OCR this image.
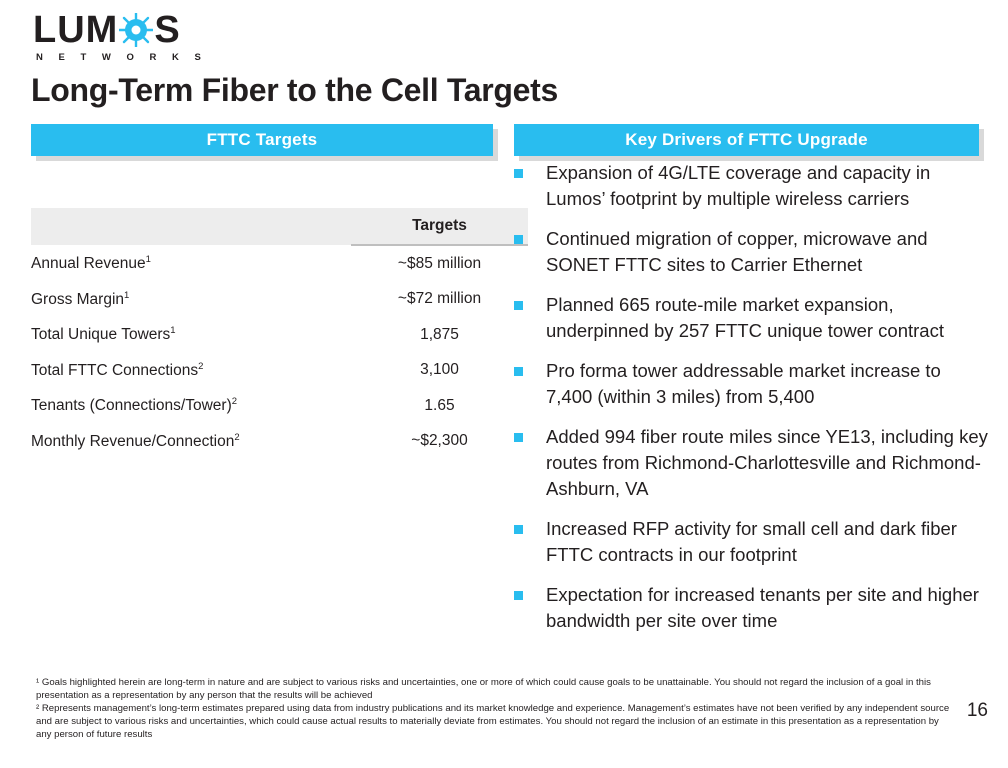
LUM S
N E T W O R K S
Long-Term Fiber to the Cell Targets
FTTC Targets	Key Drivers of FTTC Upgrade
	Targets
Annual Revenue$^1$	~$85 million
Gross Margin$^1$	~$72 million
Total Unique Towers$^1$	1,875
Total FTTC Connections$^2$	3,100
Tenants (Connections/Tower)$^2$	1.65
Monthly Revenue/Connection$^2$	~$2,300
Expansion of 4G/LTE coverage and capacity in Lumos’ footprint by multiple wireless carriers
Continued migration of copper, microwave and SONET FTTC sites to Carrier Ethernet
Planned 665 route-mile market expansion, underpinned by 257 FTTC unique tower contract
Pro forma tower addressable market increase to 7,400 (within 3 miles) from 5,400
Added 994 fiber route miles since YE13, including key routes from Richmond-Charlottesville and Richmond-Ashburn, VA
Increased RFP activity for small cell and dark fiber FTTC contracts in our footprint
Expectation for increased tenants per site and higher bandwidth per site over time

¹ Goals highlighted herein are long-term in nature and are subject to various risks and uncertainties, one or more of which could cause goals to be unattainable. You should not regard the inclusion of a goal in this presentation as a representation by any person that the results will be achieved

² Represents management’s long-term estimates prepared using data from industry publications and its market knowledge and experience. Management’s estimates have not been verified by any independent source and are subject to various risks and uncertainties, which could cause actual results to materially deviate from estimates. You should not regard the inclusion of an estimate in this presentation as a representation by any person of future results

16
